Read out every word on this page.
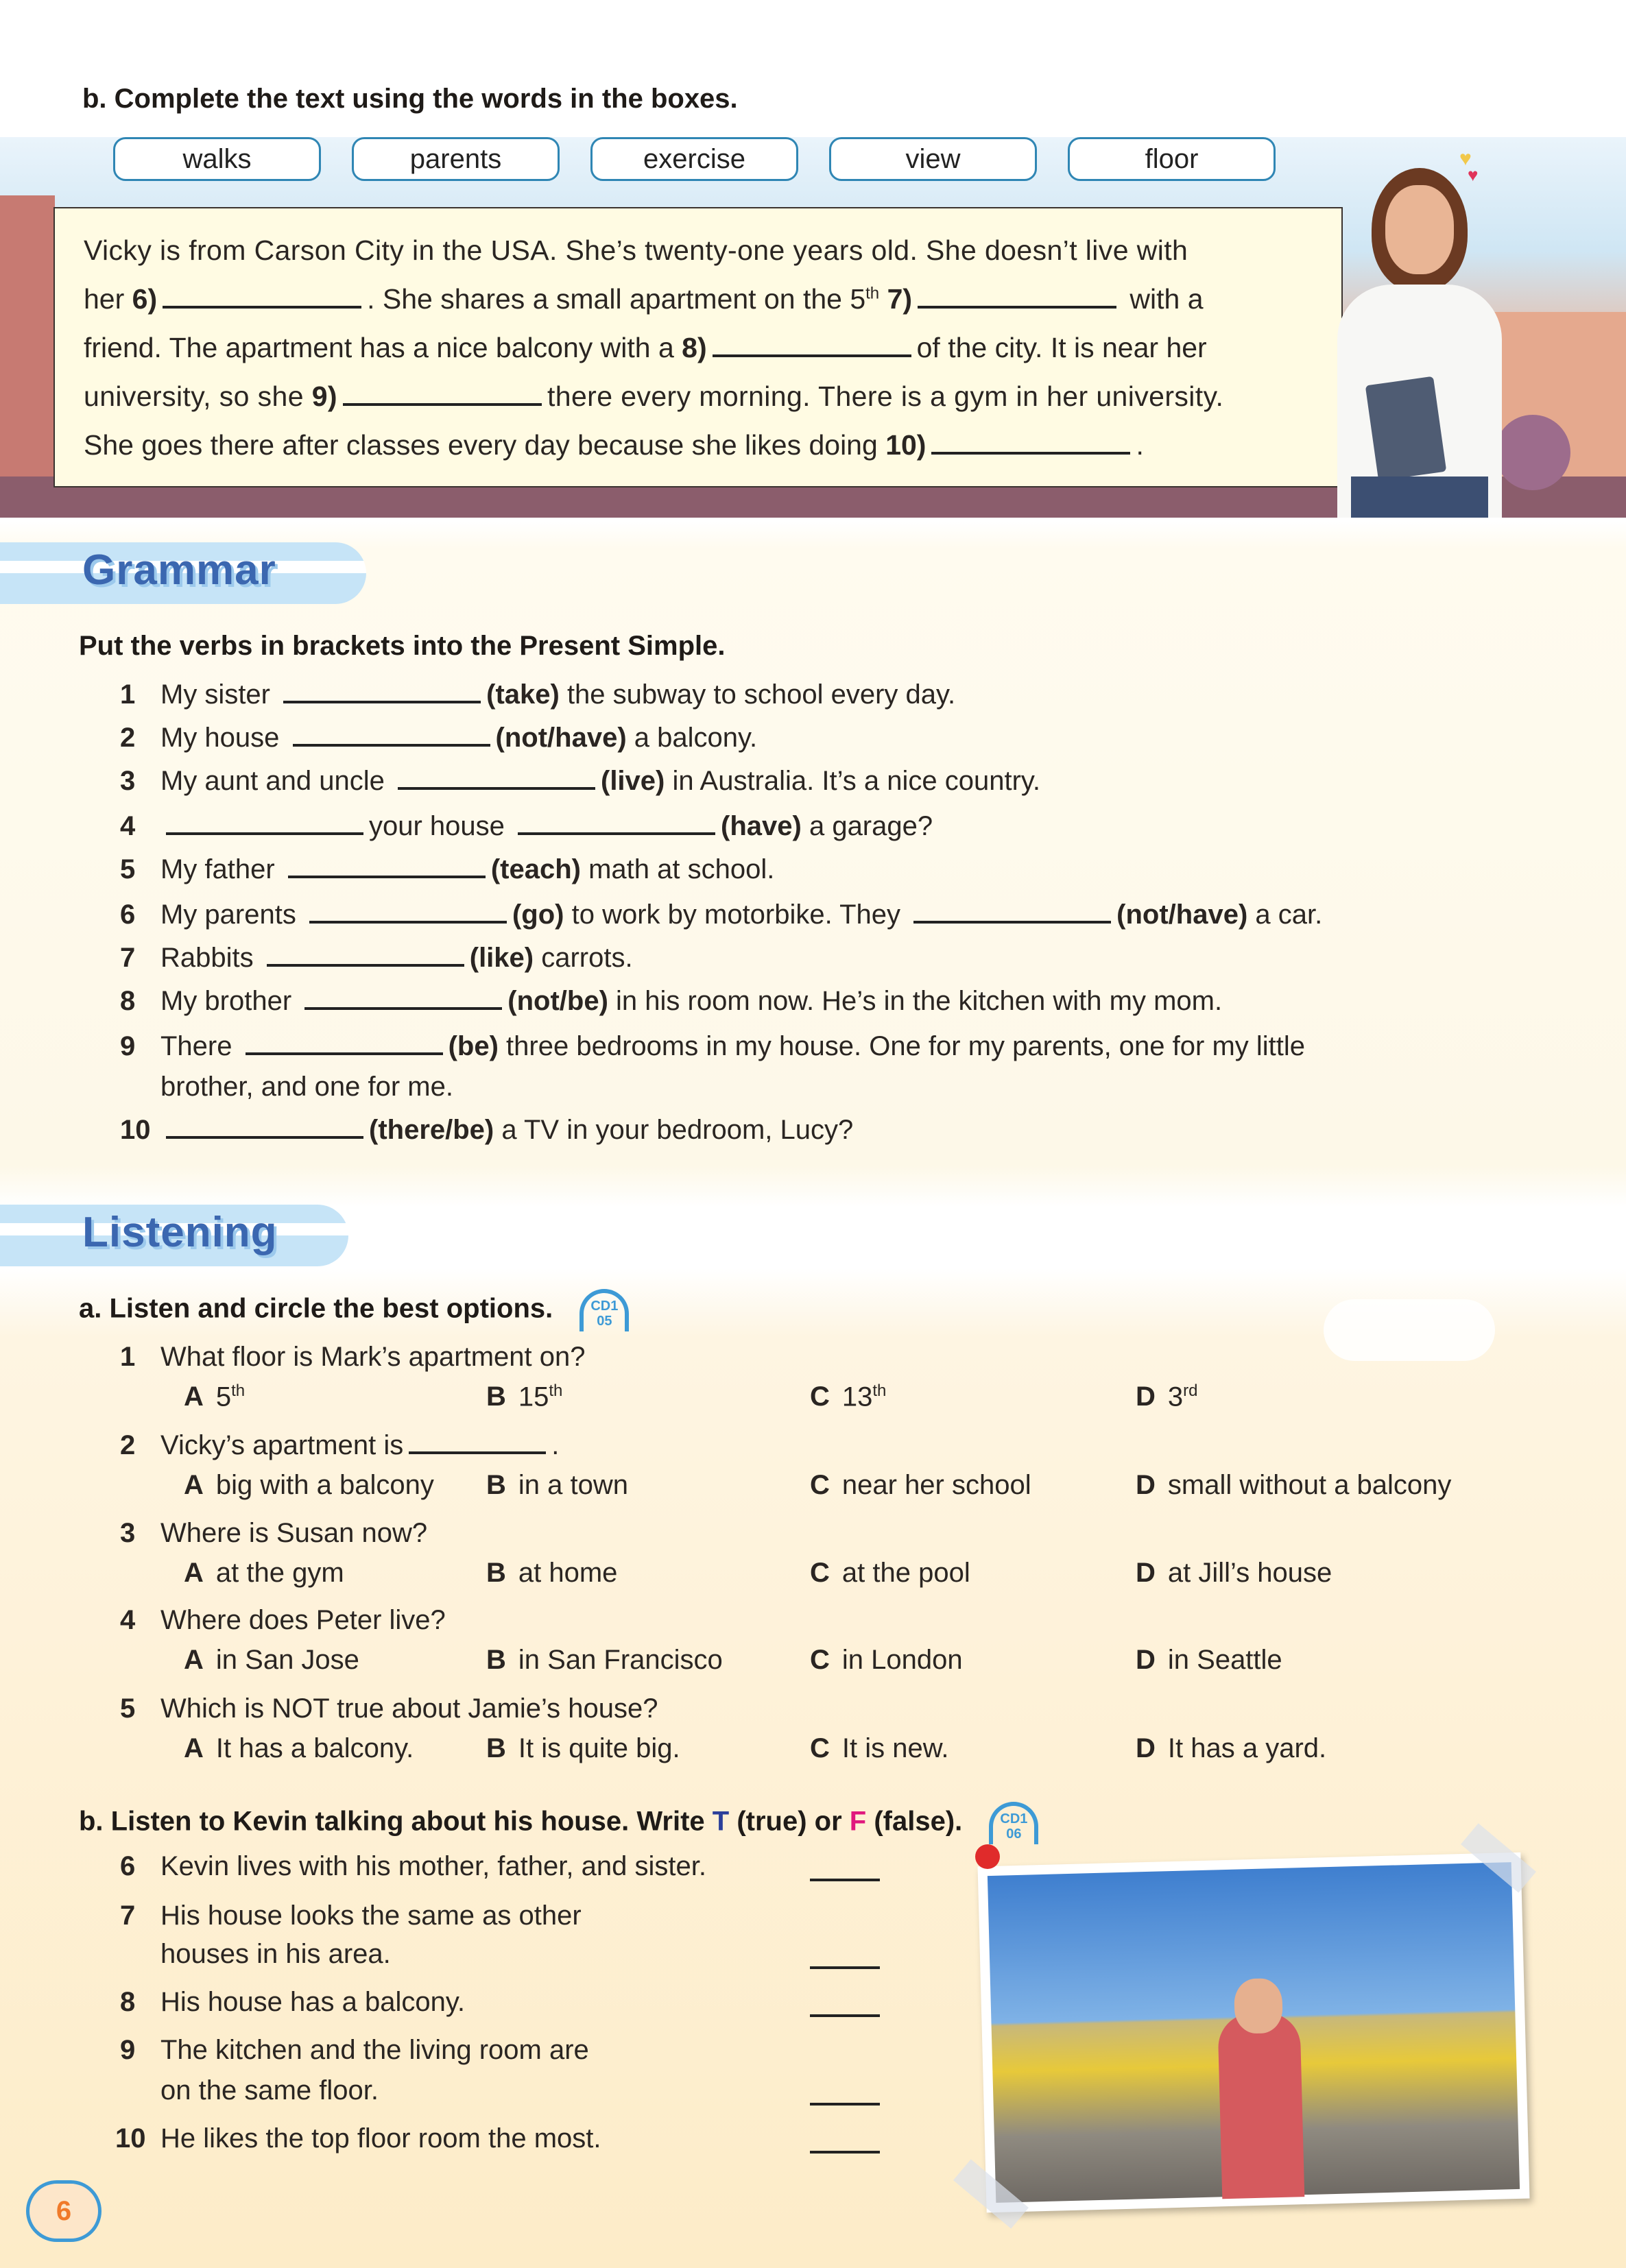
b. Complete the text using the words in the boxes.
walks	parents	exercise	view	floor
Vicky is from Carson City in the USA. She’s twenty-one years old. She doesn’t live with
her 6)	. She shares a small apartment on the 5th 7)	with a
friend. The apartment has a nice balcony with a 8)	of the city. It is near her
university, so she 9)	there every morning. There is a gym in her university.
She goes there after classes every day because she likes doing 10)	.
♥
♥
Grammar
Put the verbs in brackets into the Present Simple.
1 My sister	(take) the subway to school every day.
2 My house	(not/have) a balcony.
3 My aunt and uncle	(live) in Australia. It’s a nice country.
4	your house	(have) a garage?
5 My father	(teach) math at school.
6 My parents	(go) to work by motorbike. They	(not/have) a car.
7 Rabbits	(like) carrots.
8 My brother	(not/be) in his room now. He’s in the kitchen with my mom.
9 There	(be) three bedrooms in my house. One for my parents, one for my little
brother, and one for me.
10	(there/be) a TV in your bedroom, Lucy?
Listening
a. Listen and circle the best options.	CD1
05
1 What floor is Mark’s apartment on?
A 5th	B 15th	C 13th	D 3rd
2 Vicky’s apartment is	.
A big with a balcony B in a town	C near her school	D small without a balcony
3 Where is Susan now?
A at the gym	B at home	C at the pool	D at Jill’s house
4 Where does Peter live?
A in San Jose	B in San Francisco	C in London	D in Seattle
5 Which is NOT true about Jamie’s house?
A It has a balcony.	B It is quite big.	C It is new.	D It has a yard.
b. Listen to Kevin talking about his house. Write T (true) or F (false).	CD1
06
6 Kevin lives with his mother, father, and sister.
7 His house looks the same as other
houses in his area.
8 His house has a balcony.
9 The kitchen and the living room are
on the same floor.
10 He likes the top floor room the most.
6
